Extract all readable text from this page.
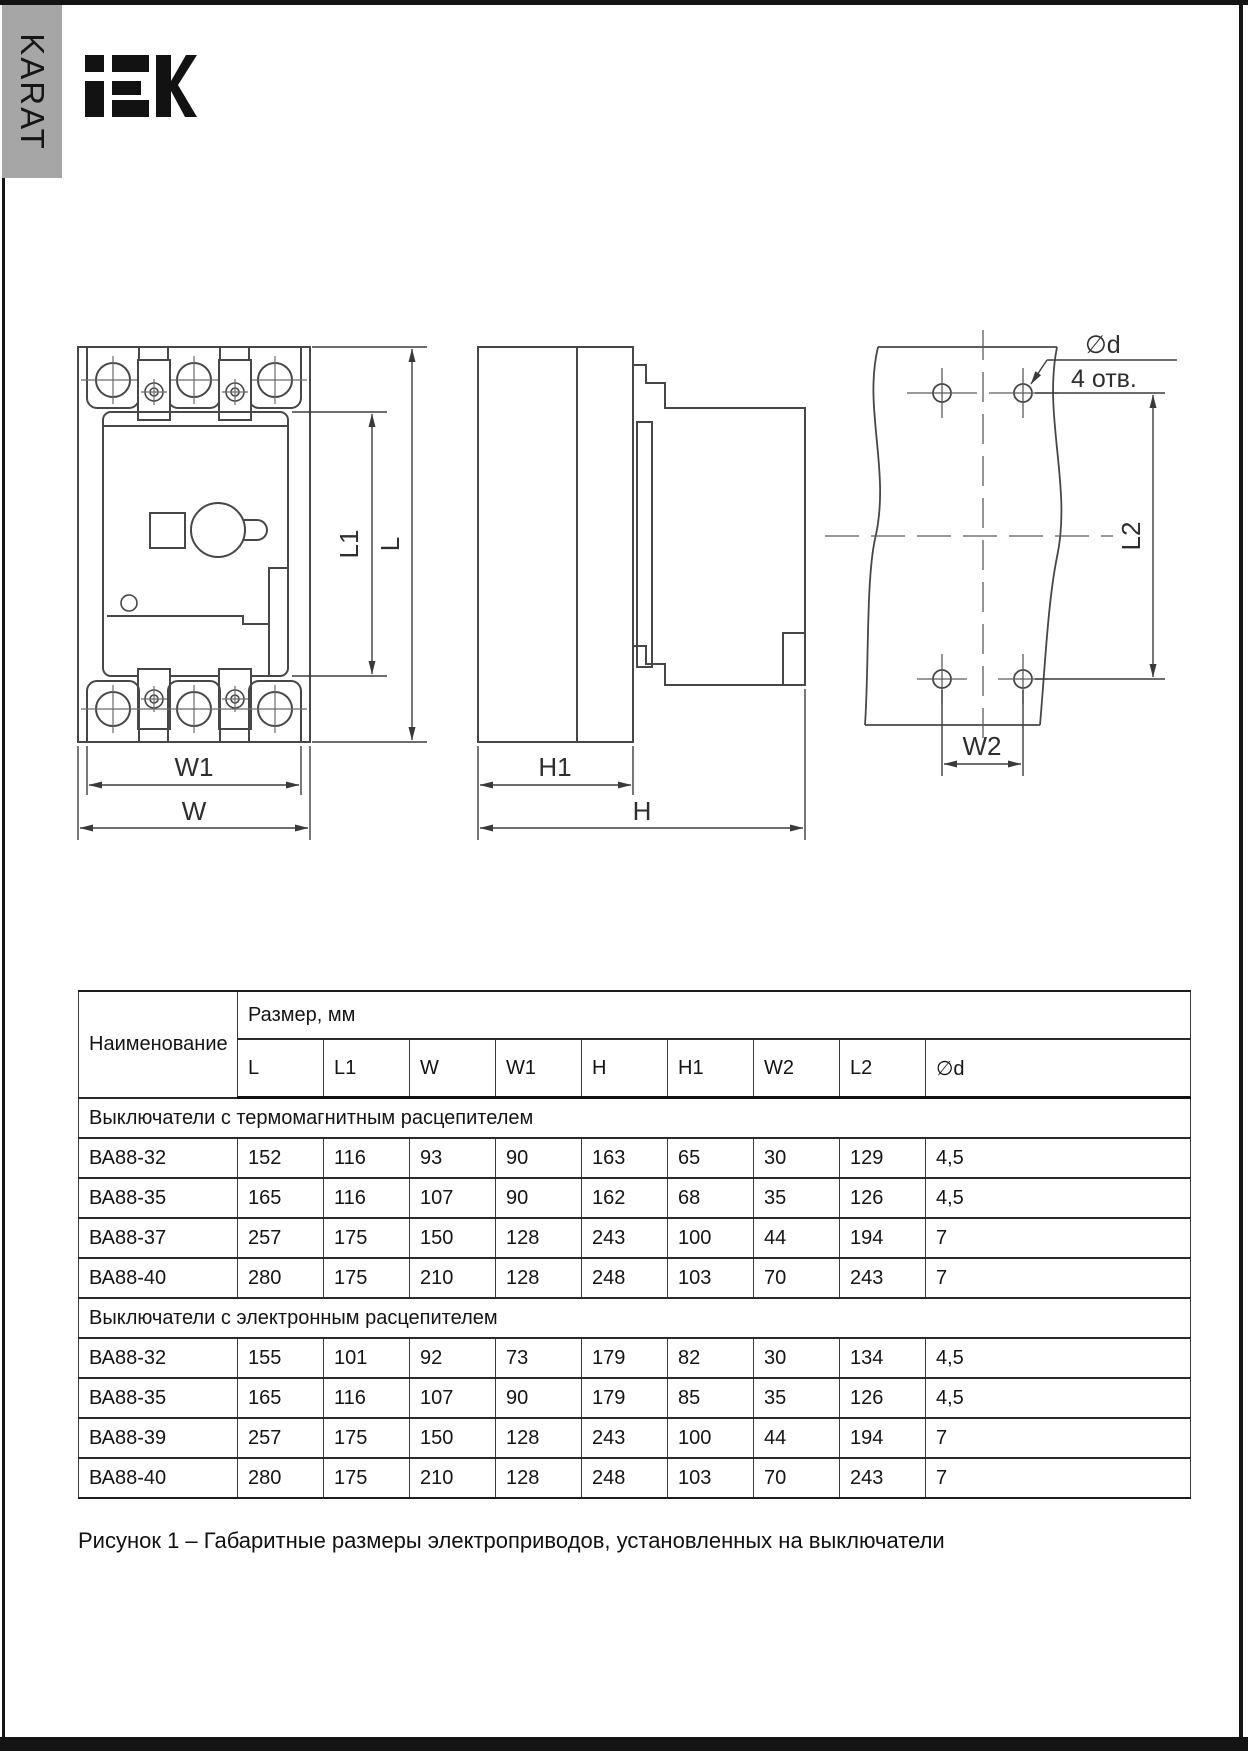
KARAT
L1 L
W1
W
H1
H
∅d
4 отв.
L2
W2
Наименование	Размер, мм								
	L	L1	W	W1	H	H1	W2	L2	∅d
Выключатели с термомагнитным расцепителем									
ВА88-32	152	116	93	90	163	65	30	129	4,5
ВА88-35	165	116	107	90	162	68	35	126	4,5
ВА88-37	257	175	150	128	243	100	44	194	7
ВА88-40	280	175	210	128	248	103	70	243	7
Выключатели с электронным расцепителем									
ВА88-32	155	101	92	73	179	82	30	134	4,5
ВА88-35	165	116	107	90	179	85	35	126	4,5
ВА88-39	257	175	150	128	243	100	44	194	7
ВА88-40	280	175	210	128	248	103	70	243	7
Рисунок 1 – Габаритные размеры электроприводов, установленных на выключатели
